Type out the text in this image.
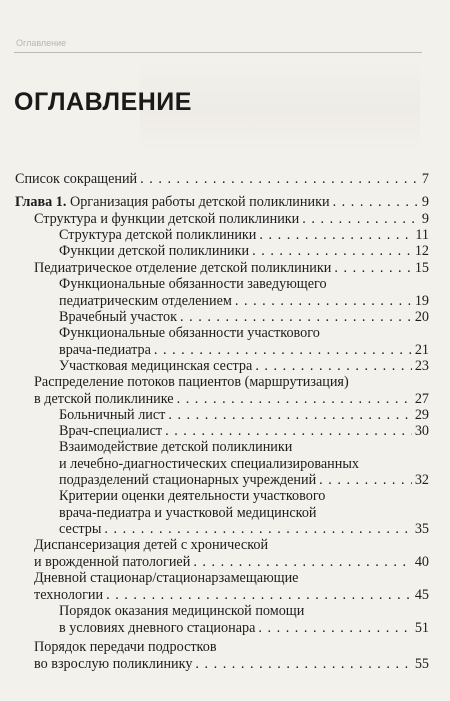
Оглавление
ОГЛАВЛЕНИЕ
Список сокращений . . .	7
Глава 1. Организация работы детской поликлиники . . .	9
Структура и функции детской поликлиники . . .	9
Структура детской поликлиники . . .	11
Функции детской поликлиники . . .	12
Педиатрическое отделение детской поликлиники . . .	15
Функциональные обязанности заведующего
педиатрическим отделением . . .	19
Врачебный участок . . .	20
Функциональные обязанности участкового
врача-педиатра . . .	21
Участковая медицинская сестра . . .	23
Распределение потоков пациентов (маршрутизация)
в детской поликлинике . . .	27
Больничный лист . . .	29
Врач-специалист . . .	30
Взаимодействие детской поликлиники
и лечебно-диагностических специализированных
подразделений стационарных учреждений . . .	32
Критерии оценки деятельности участкового
врача-педиатра и участковой медицинской
сестры . . .	35
Диспансеризация детей с хронической
и врожденной патологией . . .	40
Дневной стационар/стационарзамещающие
технологии . . .	45
Порядок оказания медицинской помощи
в условиях дневного стационара . . .	51
Порядок передачи подростков
во взрослую поликлинику . . .	55
